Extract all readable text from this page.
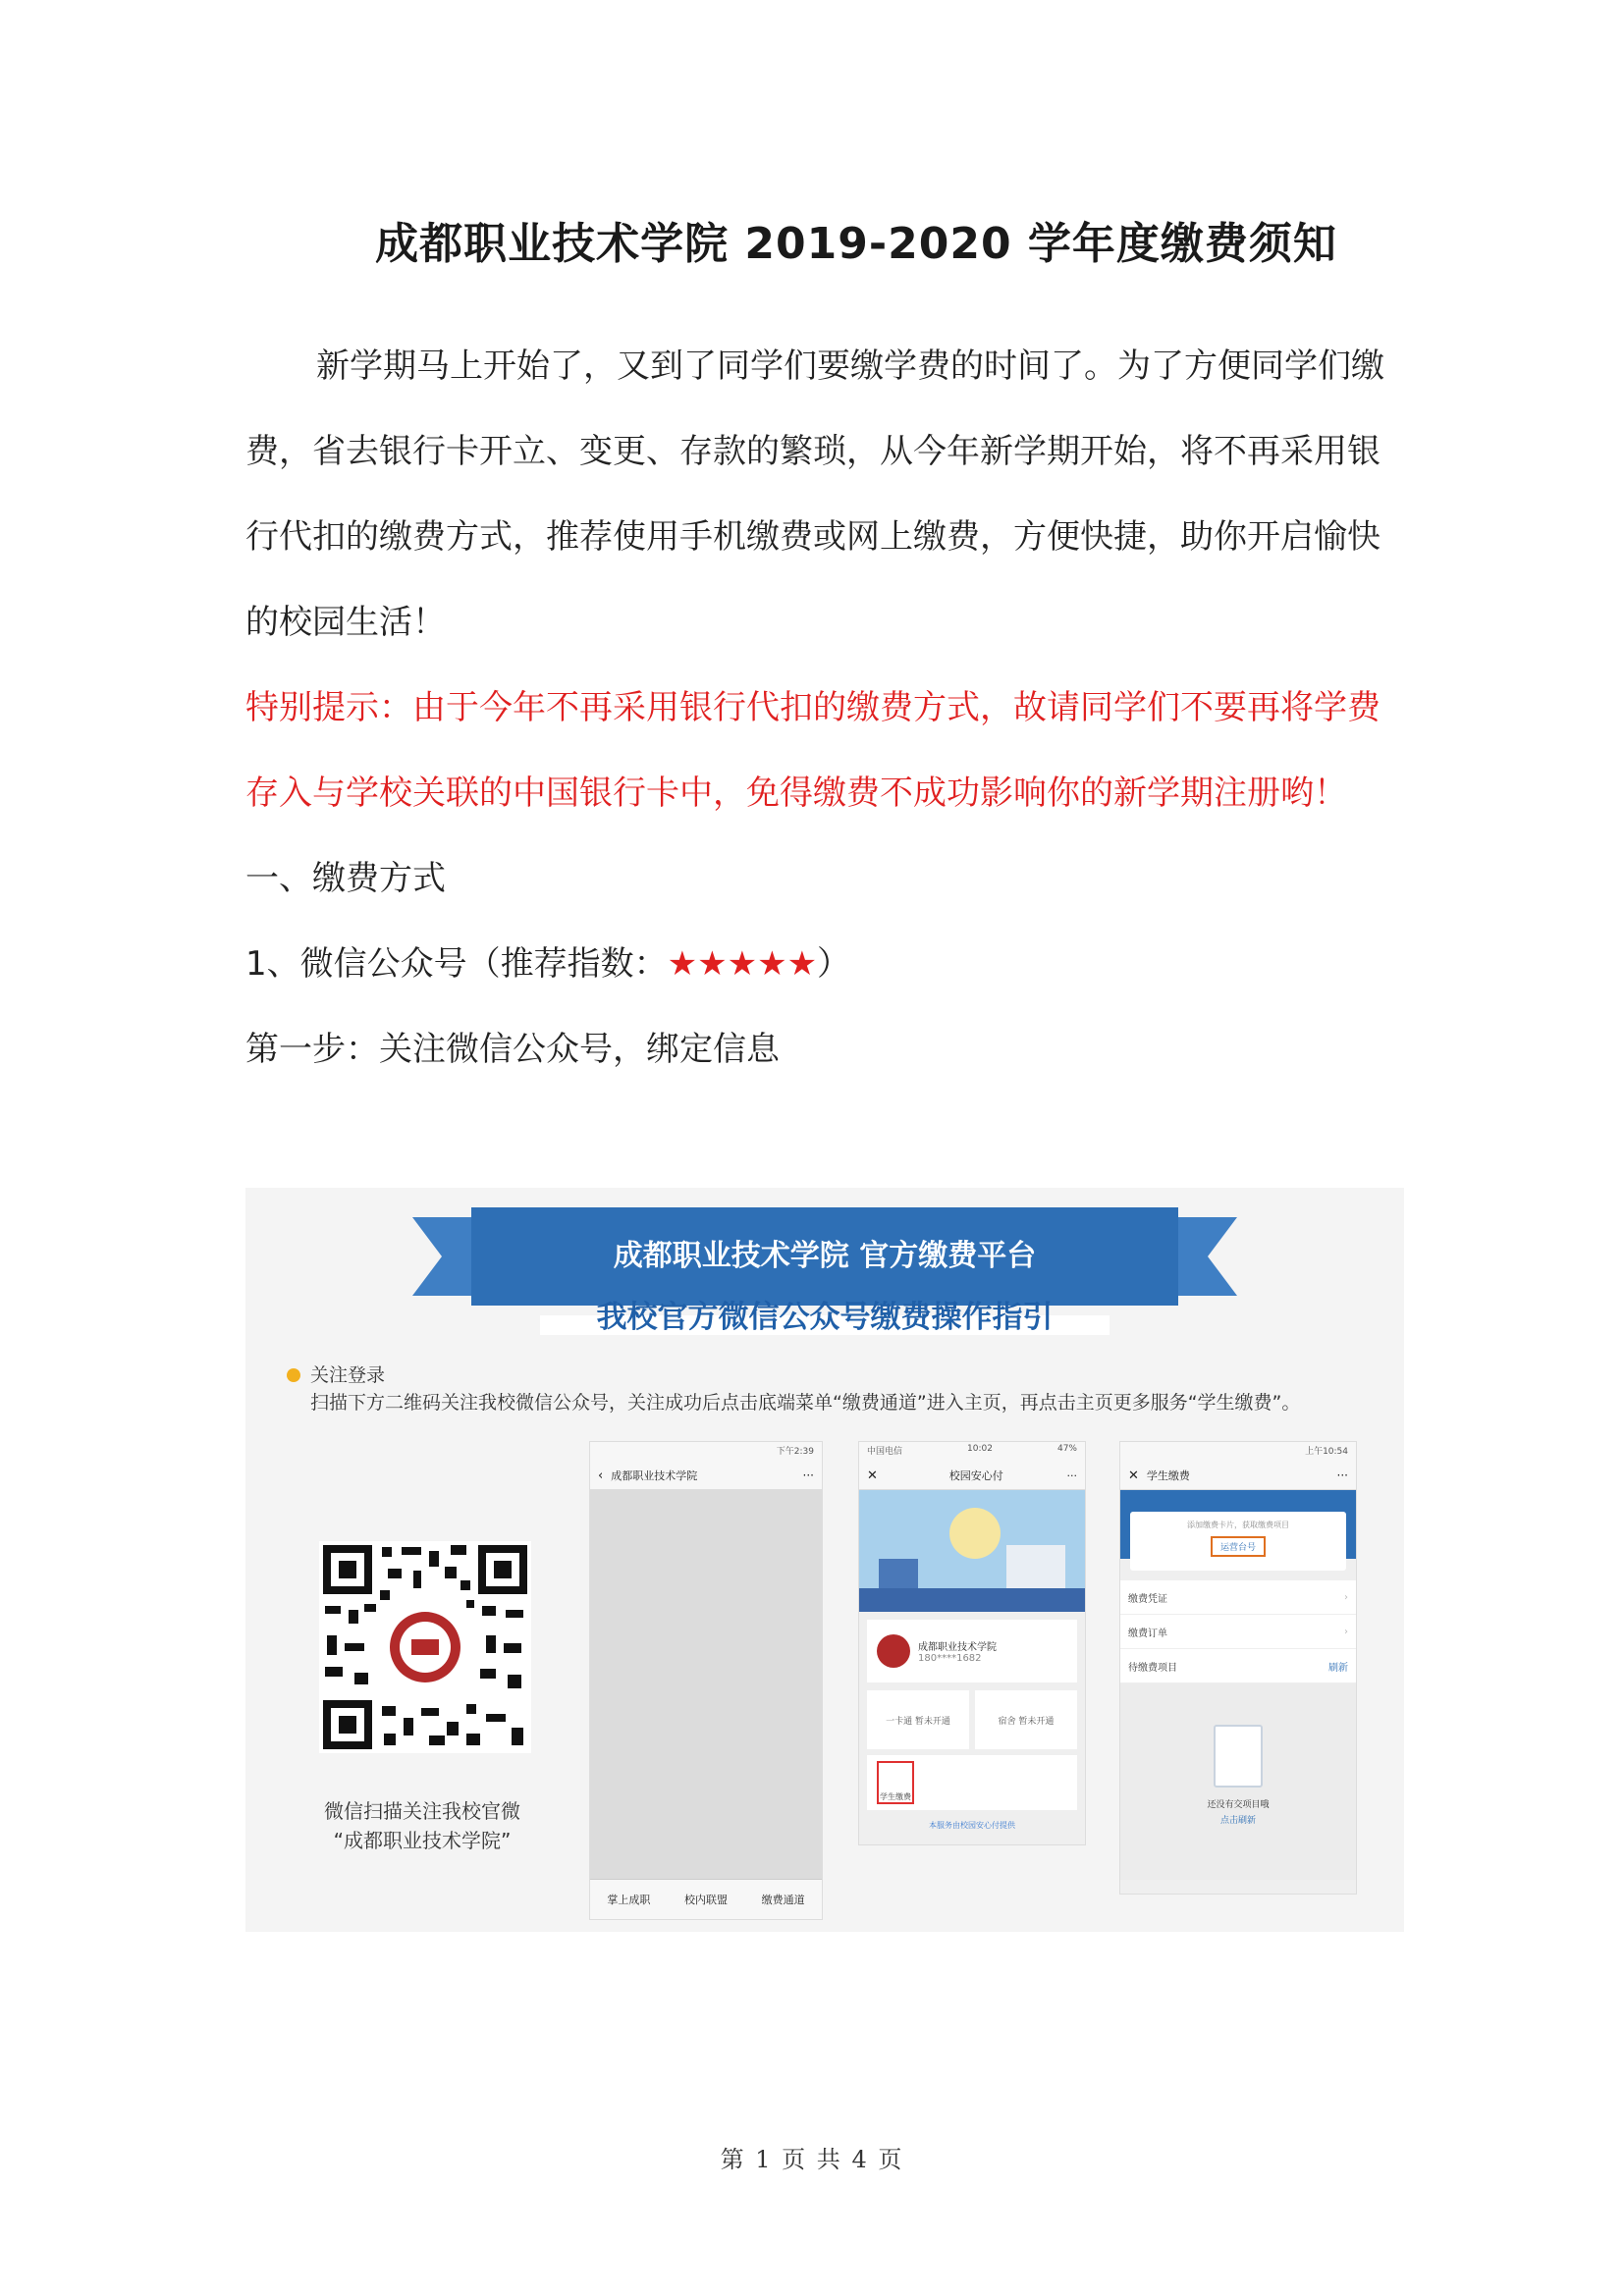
成都职业技术学院 2019-2020 学年度缴费须知

新学期马上开始了，又到了同学们要缴学费的时间了。为了方便同学们缴费，省去银行卡开立、变更、存款的繁琐，从今年新学期开始，将不再采用银行代扣的缴费方式，推荐使用手机缴费或网上缴费，方便快捷，助你开启愉快的校园生活！

特别提示：由于今年不再采用银行代扣的缴费方式，故请同学们不要再将学费存入与学校关联的中国银行卡中，免得缴费不成功影响你的新学期注册哟！

一、缴费方式

1、微信公众号（推荐指数：★★★★★）

第一步：关注微信公众号，绑定信息

成都职业技术学院 官方缴费平台
我校官方微信公众号缴费操作指引
关注登录
扫描下方二维码关注我校微信公众号，关注成功后点击底端菜单“缴费通道”进入主页，再点击主页更多服务“学生缴费”。
微信扫描关注我校官微
“成都职业技术学院”
下午2:39
‹ 成都职业技术学院	···
掌上成职	校内联盟	缴费通道
中国电信	10:02	47%
✕	校园安心付	···
成都职业技术学院
180****1682
一卡通 暂未开通	宿舍 暂未开通
学生缴费
本服务由校园安心付提供
上午10:54
✕ 学生缴费	···
添加缴费卡片，获取缴费项目
运营台号
缴费凭证	›
缴费订单	›
待缴费项目	刷新
还没有交项目哦
点击刷新
第 1 页 共 4 页
